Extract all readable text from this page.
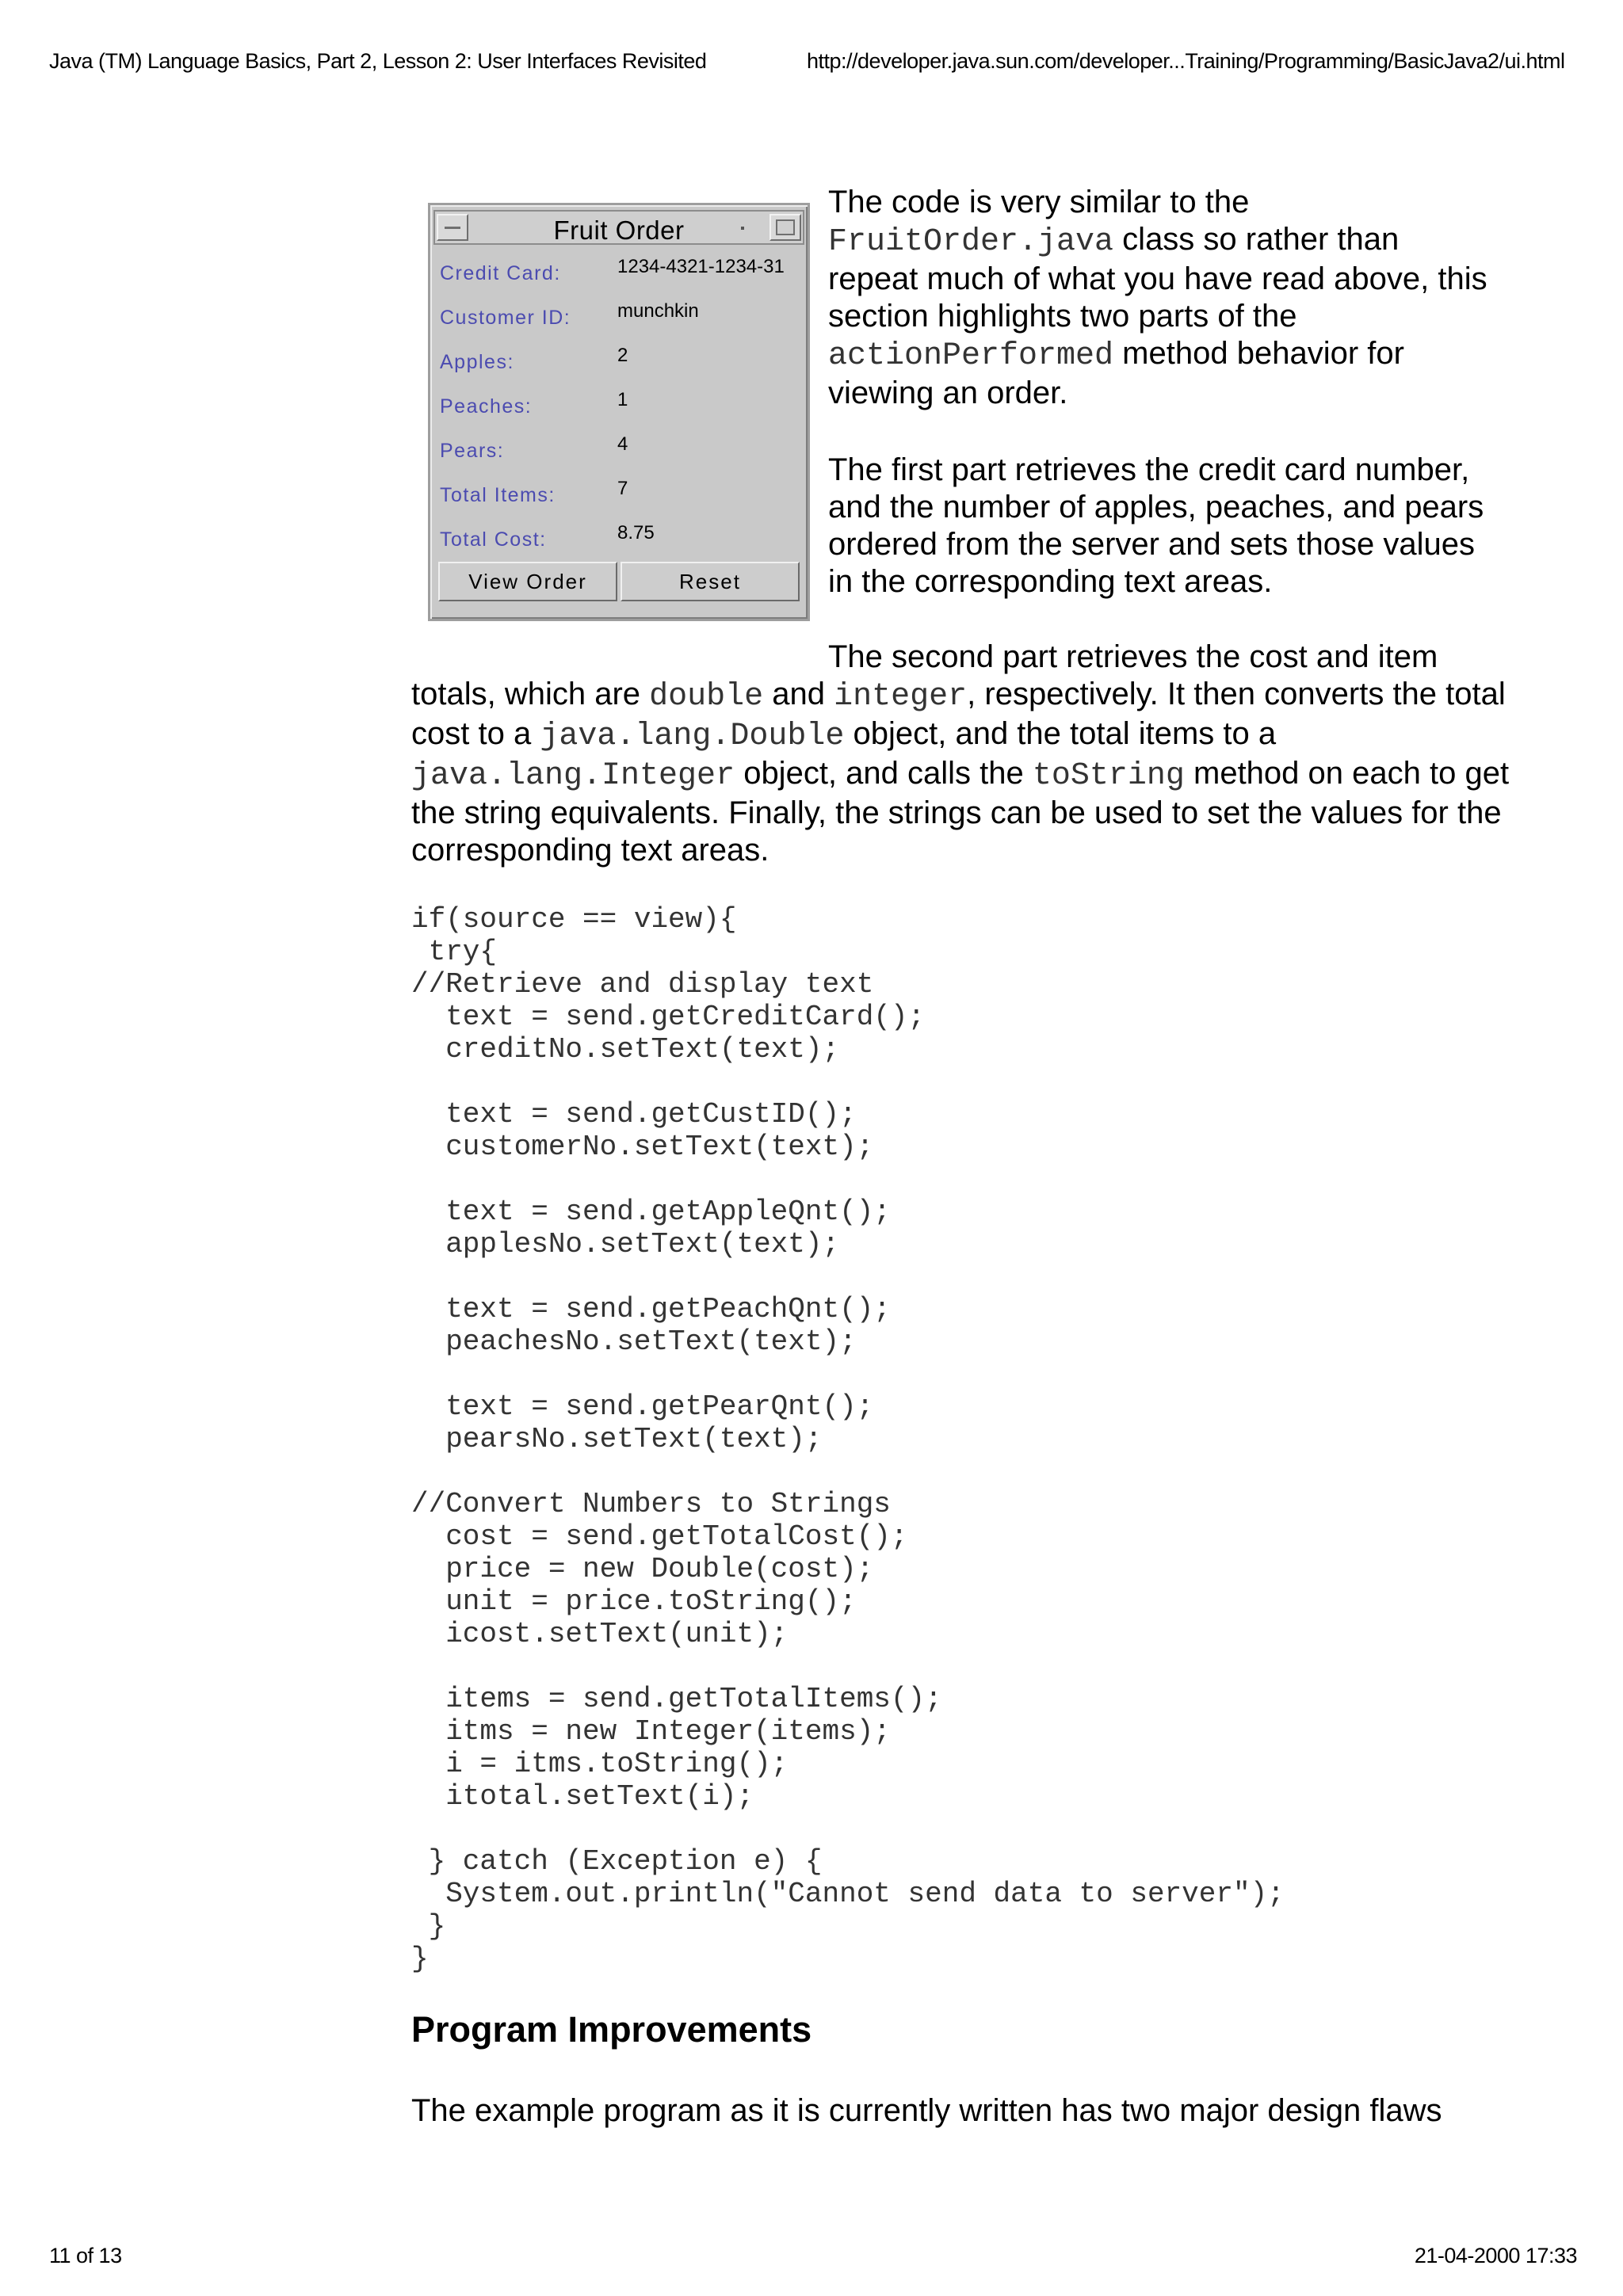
Java (TM) Language Basics, Part 2, Lesson 2: User Interfaces Revisited	http://developer.java.sun.com/developer...Training/Programming/BasicJava2/ui.html
Fruit Order
Credit Card:	1234-4321-1234-31
Customer ID: munchkin
Apples:	2
Peaches:	1
Pears:	4
Total Items:	7
Total Cost:	8.75
View Order	Reset
The code is very similar to the FruitOrder.java class so rather than repeat much of what you have read above, this section highlights two parts of the actionPerformed method behavior for viewing an order.
The first part retrieves the credit card number, and the number of apples, peaches, and pears ordered from the server and sets those values in the corresponding text areas.
The second part retrieves the cost and item
totals, which are double and integer, respectively. It then converts the total cost to a java.lang.Double object, and the total items to a java.lang.Integer object, and calls the toString method on each to get the string equivalents. Finally, the strings can be used to set the values for the corresponding text areas.
if(source == view){
try{
//Retrieve and display text
text = send.getCreditCard();
creditNo.setText(text);

text = send.getCustID();
customerNo.setText(text);

text = send.getAppleQnt();
applesNo.setText(text);

text = send.getPeachQnt();
peachesNo.setText(text);

text = send.getPearQnt();
pearsNo.setText(text);

//Convert Numbers to Strings
cost = send.getTotalCost();
price = new Double(cost);
unit = price.toString();
icost.setText(unit);

items = send.getTotalItems();
itms = new Integer(items);
i = itms.toString();
itotal.setText(i);

} catch (Exception e) {
System.out.println("Cannot send data to server");
}
}
Program Improvements
The example program as it is currently written has two major design flaws
11 of 13	21-04-2000 17:33
